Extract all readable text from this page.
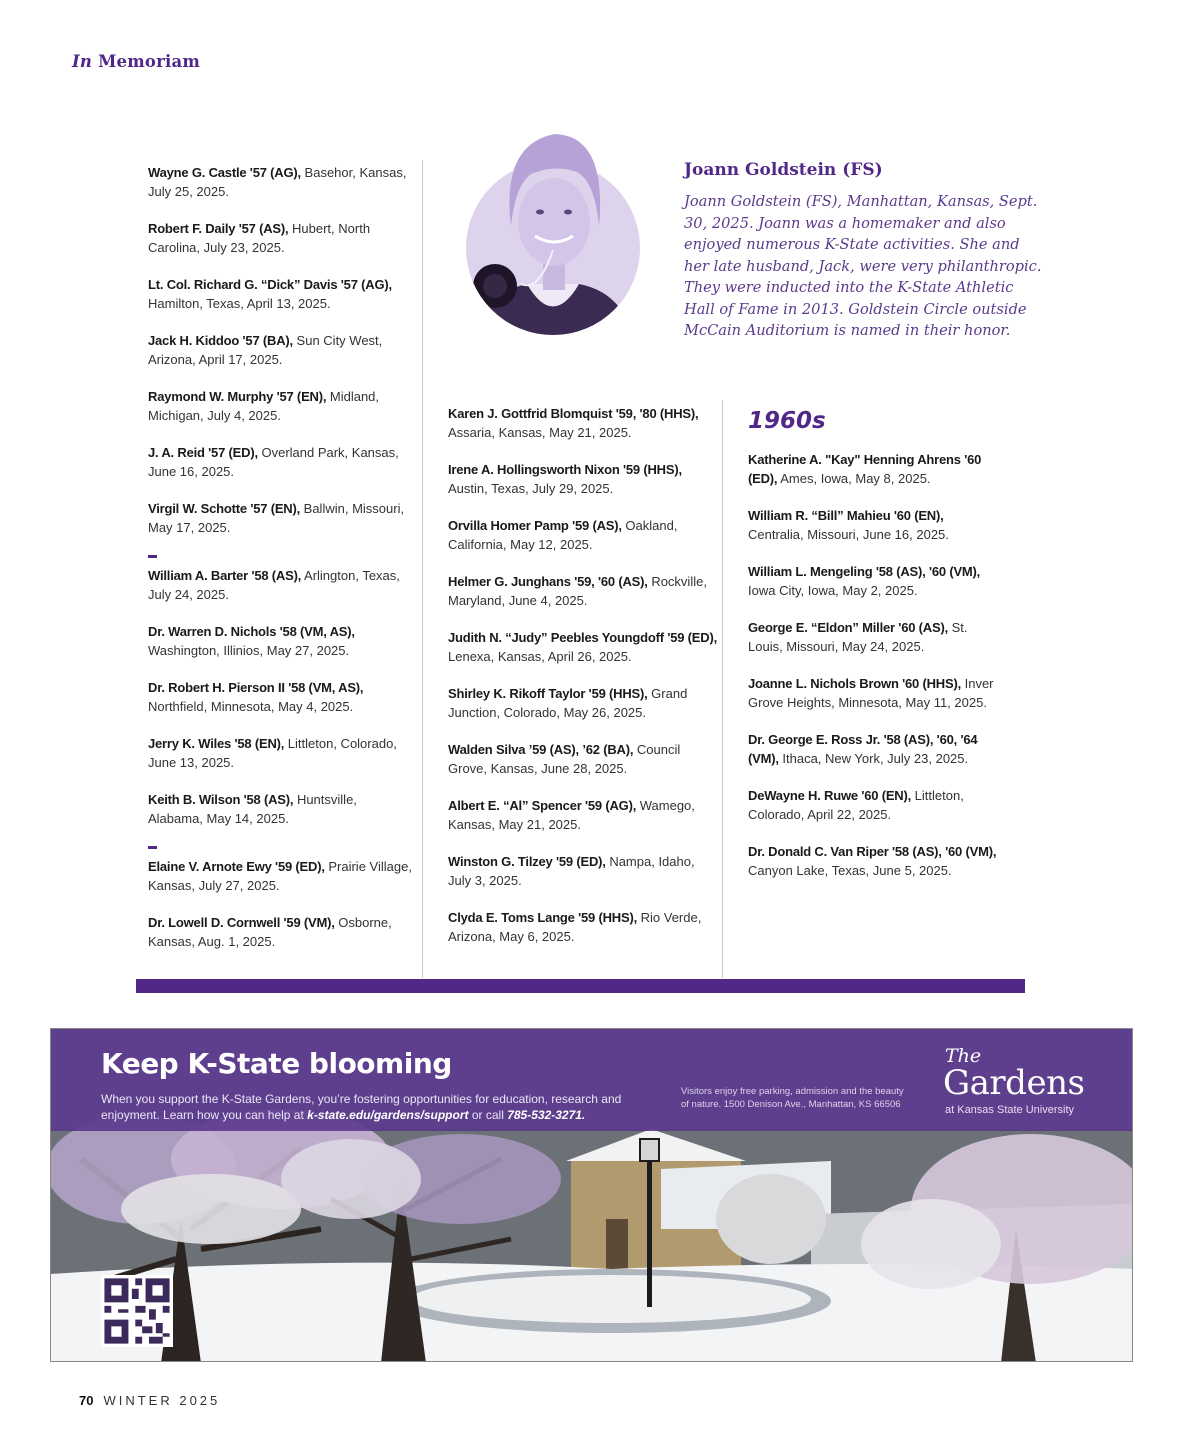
In Memoriam
Wayne G. Castle '57 (AG), Basehor, Kansas, July 25, 2025.
Robert F. Daily '57 (AS), Hubert, North Carolina, July 23, 2025.
Lt. Col. Richard G. “Dick” Davis '57 (AG), Hamilton, Texas, April 13, 2025.
Jack H. Kiddoo '57 (BA), Sun City West, Arizona, April 17, 2025.
Raymond W. Murphy '57 (EN), Midland, Michigan, July 4, 2025.
J. A. Reid '57 (ED), Overland Park, Kansas, June 16, 2025.
Virgil W. Schotte '57 (EN), Ballwin, Missouri, May 17, 2025.
William A. Barter '58 (AS), Arlington, Texas, July 24, 2025.
Dr. Warren D. Nichols '58 (VM, AS), Washington, Illinios, May 27, 2025.
Dr. Robert H. Pierson II '58 (VM, AS), Northfield, Minnesota, May 4, 2025.
Jerry K. Wiles '58 (EN), Littleton, Colorado, June 13, 2025.
Keith B. Wilson '58 (AS), Huntsville, Alabama, May 14, 2025.
Elaine V. Arnote Ewy '59 (ED), Prairie Village, Kansas, July 27, 2025.
Dr. Lowell D. Cornwell '59 (VM), Osborne, Kansas, Aug. 1, 2025.
Karen J. Gottfrid Blomquist '59, '80 (HHS), Assaria, Kansas, May 21, 2025.
Irene A. Hollingsworth Nixon '59 (HHS), Austin, Texas, July 29, 2025.
Orvilla Homer Pamp '59 (AS), Oakland, California, May 12, 2025.
Helmer G. Junghans '59, '60 (AS), Rockville, Maryland, June 4, 2025.
Judith N. “Judy” Peebles Youngdoff '59 (ED), Lenexa, Kansas, April 26, 2025.
Shirley K. Rikoff Taylor '59 (HHS), Grand Junction, Colorado, May 26, 2025.
Walden Silva ’59 (AS), ’62 (BA), Council Grove, Kansas, June 28, 2025.
Albert E. “Al” Spencer '59 (AG), Wamego, Kansas, May 21, 2025.
Winston G. Tilzey '59 (ED), Nampa, Idaho, July 3, 2025.
Clyda E. Toms Lange '59 (HHS), Rio Verde, Arizona, May 6, 2025.
1960s
Katherine A. "Kay" Henning Ahrens '60 (ED), Ames, Iowa, May 8, 2025.
William R. “Bill” Mahieu '60 (EN), Centralia, Missouri, June 16, 2025.
William L. Mengeling '58 (AS), '60 (VM), Iowa City, Iowa, May 2, 2025.
George E. “Eldon” Miller '60 (AS), St. Louis, Missouri, May 24, 2025.
Joanne L. Nichols Brown '60 (HHS), Inver Grove Heights, Minnesota, May 11, 2025.
Dr. George E. Ross Jr. '58 (AS), '60, '64 (VM), Ithaca, New York, July 23, 2025.
DeWayne H. Ruwe '60 (EN), Littleton, Colorado, April 22, 2025.
Dr. Donald C. Van Riper '58 (AS), '60 (VM), Canyon Lake, Texas, June 5, 2025.
Joann Goldstein (FS)
Joann Goldstein (FS), Manhattan, Kansas, Sept. 30, 2025. Joann was a homemaker and also enjoyed numerous K-State activities. She and her late husband, Jack, were very philanthropic. They were inducted into the K-State Athletic Hall of Fame in 2013. Goldstein Circle outside McCain Auditorium is named in their honor.
Keep K-State blooming
When you support the K-State Gardens, you’re fostering opportunities for education, research and enjoyment. Learn how you can help at k-state.edu/gardens/support or call 785-532-3271.
Visitors enjoy free parking, admission and the beauty of nature. 1500 Denison Ave., Manhattan, KS 66506
The
Gardens
at Kansas State University
70 WINTER 2025
